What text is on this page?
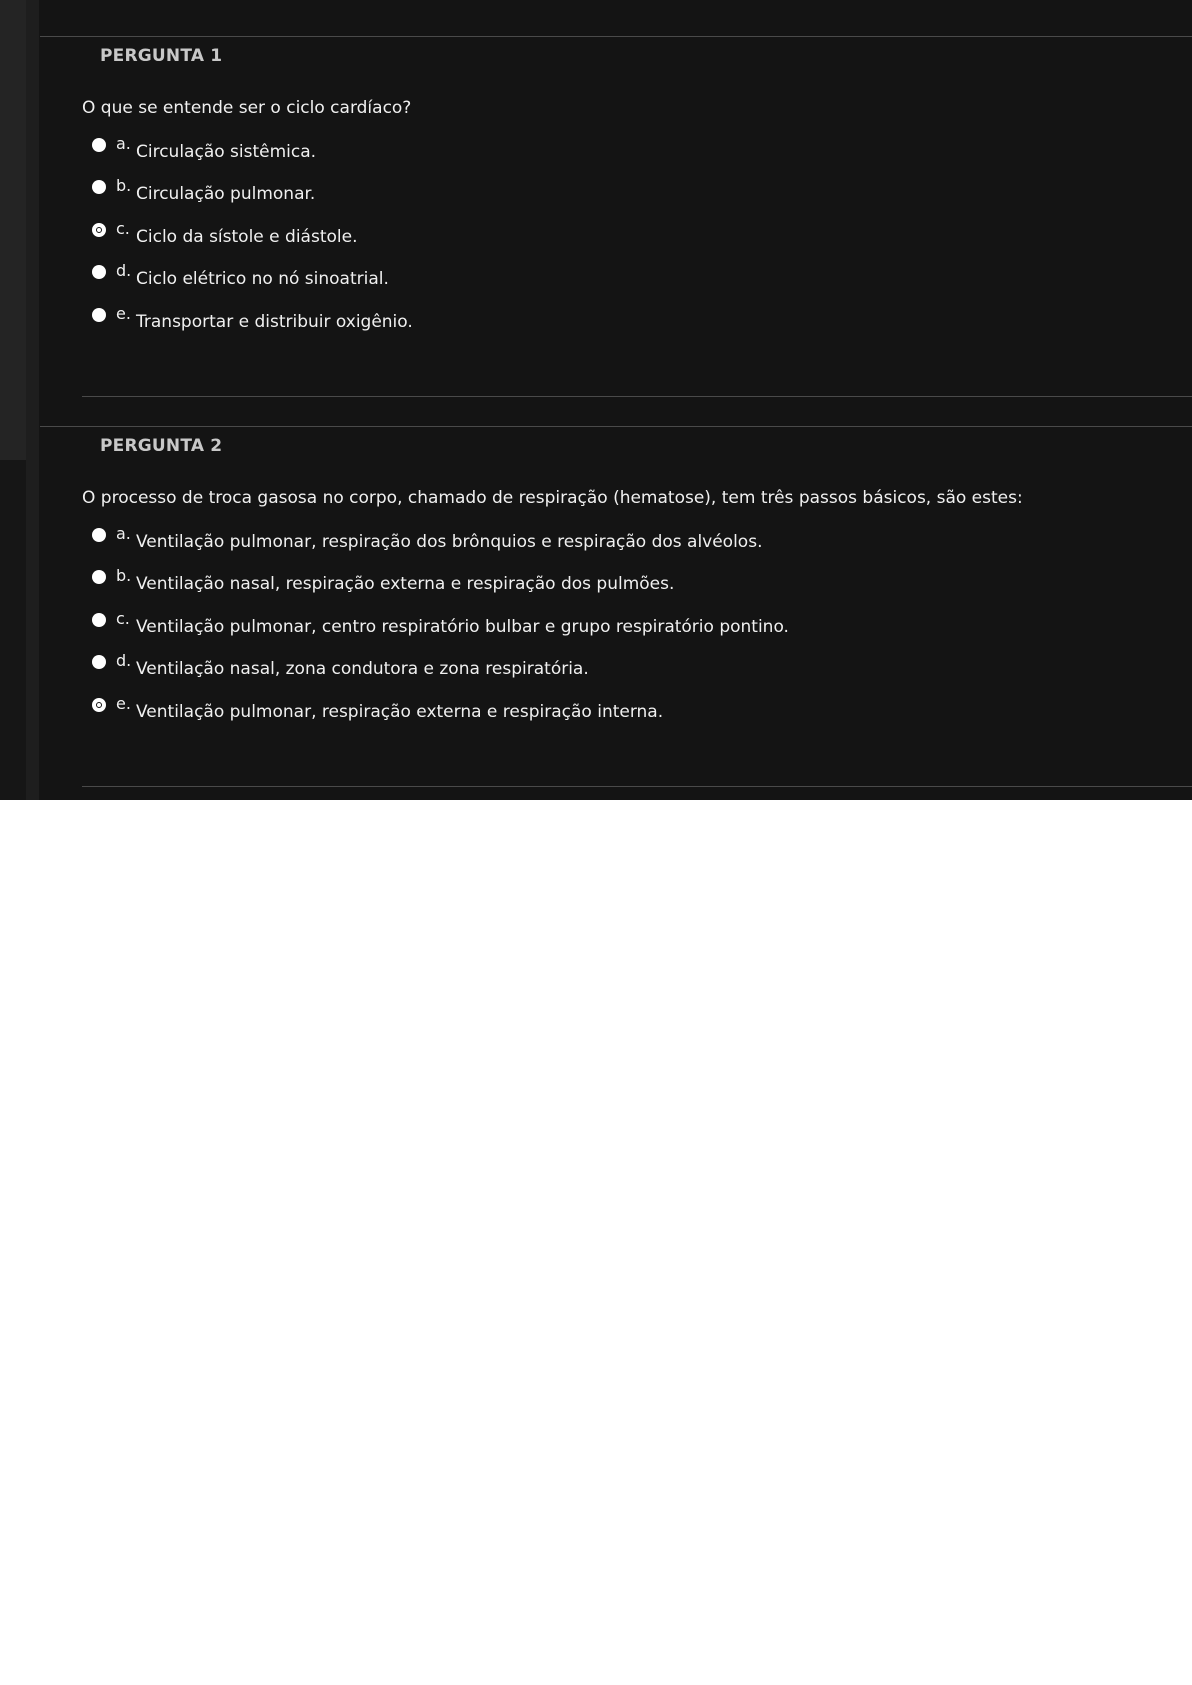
PERGUNTA 1
O que se entende ser o ciclo cardíaco?
a. Circulação sistêmica.
b. Circulação pulmonar.
c. Ciclo da sístole e diástole.
d. Ciclo elétrico no nó sinoatrial.
e. Transportar e distribuir oxigênio.
PERGUNTA 2
O processo de troca gasosa no corpo, chamado de respiração (hematose), tem três passos básicos, são estes:
a. Ventilação pulmonar, respiração dos brônquios e respiração dos alvéolos.
b. Ventilação nasal, respiração externa e respiração dos pulmões.
c. Ventilação pulmonar, centro respiratório bulbar e grupo respiratório pontino.
d. Ventilação nasal, zona condutora e zona respiratória.
e. Ventilação pulmonar, respiração externa e respiração interna.
